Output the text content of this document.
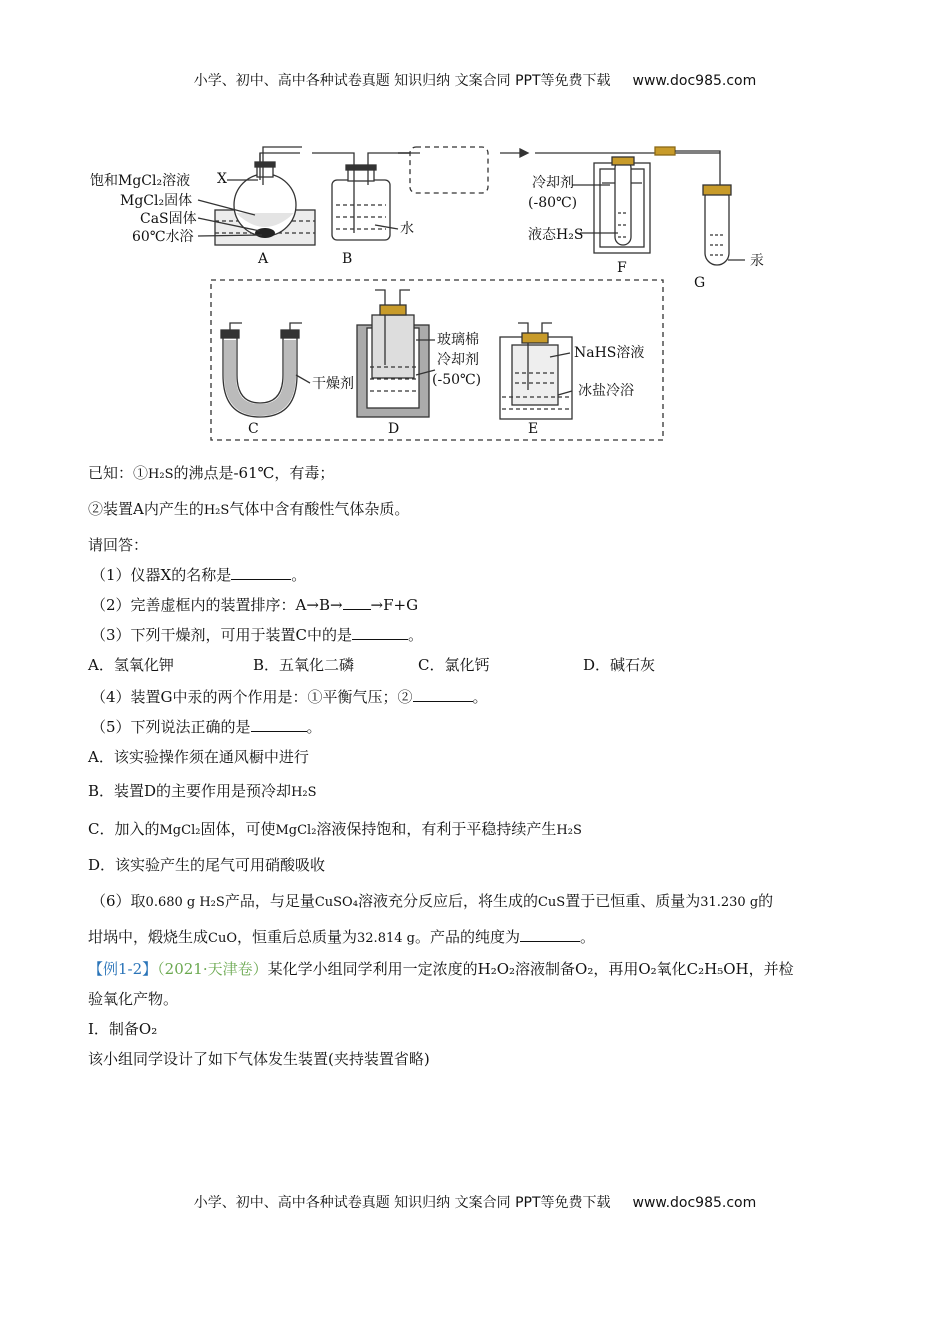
小学、初中、高中各种试卷真题 知识归纳 文案合同 PPT等免费下载 www.doc985.com
饱和MgCl₂溶液 X
MgCl₂固体
CaS固体
60℃水浴
A	B
水
冷却剂
(-80℃)
液态H₂S
F
G
汞
干燥剂
C
玻璃棉
冷却剂
(-50℃)
D
NaHS溶液
冰盐冷浴
E
已知：①H₂S的沸点是-61℃，有毒；
②装置A内产生的H₂S气体中含有酸性气体杂质。
请回答：
（1）仪器X的名称是	。
（2）完善虚框内的装置排序：A→B→ →F+G
（3）下列干燥剂，可用于装置C中的是	。
A．氢氧化钾	B．五氧化二磷	C．氯化钙	D．碱石灰
（4）装置G中汞的两个作用是：①平衡气压；②	。
（5）下列说法正确的是	。
A．该实验操作须在通风橱中进行
B．装置D的主要作用是预冷却H₂S
C．加入的MgCl₂固体，可使MgCl₂溶液保持饱和，有利于平稳持续产生H₂S
D．该实验产生的尾气可用硝酸吸收
（6）取0.680 g H₂S产品，与足量CuSO₄溶液充分反应后，将生成的CuS置于已恒重、质量为31.230 g的
坩埚中，煅烧生成CuO，恒重后总质量为32.814 g。产品的纯度为	。
【例1-2】（2021·天津卷）某化学小组同学利用一定浓度的H₂O₂溶液制备O₂，再用O₂氧化C₂H₅OH，并检
验氧化产物。
Ⅰ．制备O₂
该小组同学设计了如下气体发生装置(夹持装置省略)
小学、初中、高中各种试卷真题 知识归纳 文案合同 PPT等免费下载 www.doc985.com
